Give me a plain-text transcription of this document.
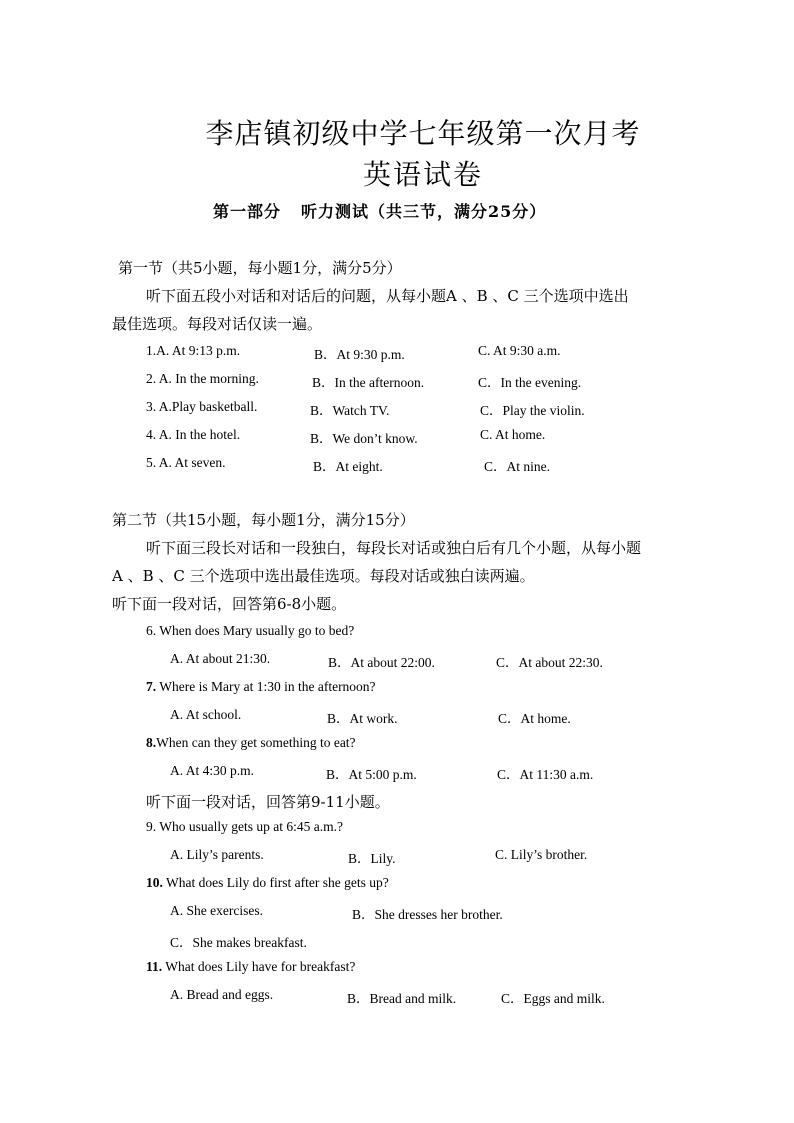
李店镇初级中学七年级第一次月考
英语试卷
第一部分 听力测试（共三节，满分25分）
第一节（共5小题，每小题1分，满分5分）
听下面五段小对话和对话后的问题，从每小题A 、B 、C 三个选项中选出
最佳选项。每段对话仅读一遍。
1.A. At 9:13 p.m.	B．At 9:30 p.m.	C. At 9:30 a.m.
2. A. In the morning.	B．In the afternoon.	C．In the evening.
3. A.Play basketball.	B．Watch TV.	C．Play the violin.
4. A. In the hotel.	B．We don’t know.	C. At home.
5. A. At seven.	B．At eight.	C．At nine.
第二节（共15小题，每小题1分，满分15分）
听下面三段长对话和一段独白，每段长对话或独白后有几个小题，从每小题
A 、B 、C 三个选项中选出最佳选项。每段对话或独白读两遍。
听下面一段对话，回答第6-8小题。
6. When does Mary usually go to bed?
A. At about 21:30.	B．At about 22:00.	C．At about 22:30.
7. Where is Mary at 1:30 in the afternoon?
A. At school.	B．At work.	C．At home.
8.When can they get something to eat?
A. At 4:30 p.m.	B．At 5:00 p.m.	C．At 11:30 a.m.
听下面一段对话，回答第9-11小题。
9. Who usually gets up at 6:45 a.m.?
A. Lily’s parents.	B．Lily.	C. Lily’s brother.
10. What does Lily do first after she gets up?
A. She exercises.	B．She dresses her brother.
C．She makes breakfast.
11. What does Lily have for breakfast?
A. Bread and eggs.	B．Bread and milk.	C．Eggs and milk.
